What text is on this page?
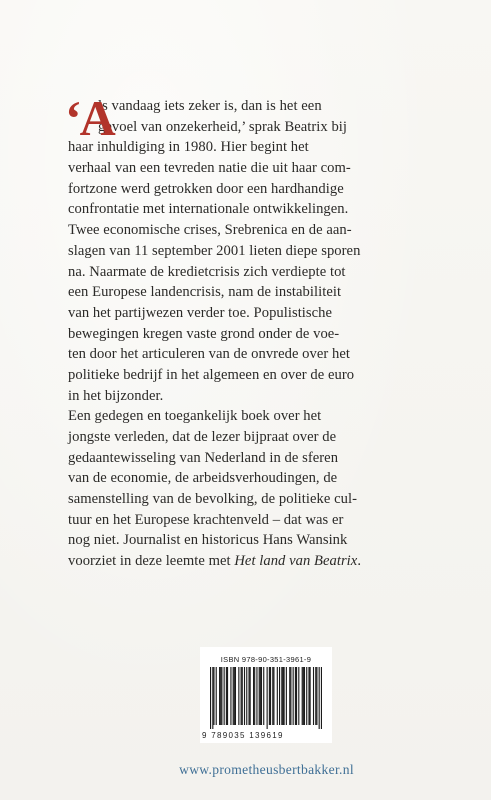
‘A
ls vandaag iets zeker is, dan is het een
gevoel van onzekerheid,’ sprak Beatrix bij
haar inhuldiging in 1980. Hier begint het
verhaal van een tevreden natie die uit haar com-
fortzone werd getrokken door een hardhandige
confrontatie met internationale ontwikkelingen.
Twee economische crises, Srebrenica en de aan-
slagen van 11 september 2001 lieten diepe sporen
na. Naarmate de kredietcrisis zich verdiepte tot
een Europese landencrisis, nam de instabiliteit
van het partijwezen verder toe. Populistische
bewegingen kregen vaste grond onder de voe-
ten door het articuleren van de onvrede over het
politieke bedrijf in het algemeen en over de euro
in het bijzonder.
Een gedegen en toegankelijk boek over het
jongste verleden, dat de lezer bijpraat over de
gedaantewisseling van Nederland in de sferen
van de economie, de arbeidsverhoudingen, de
samenstelling van de bevolking, de politieke cul-
tuur en het Europese krachtenveld – dat was er
nog niet. Journalist en historicus Hans Wansink
voorziet in deze leemte met Het land van Beatrix.
ISBN 978-90-351-3961-9
9 789035 139619
www.prometheusbertbakker.nl
